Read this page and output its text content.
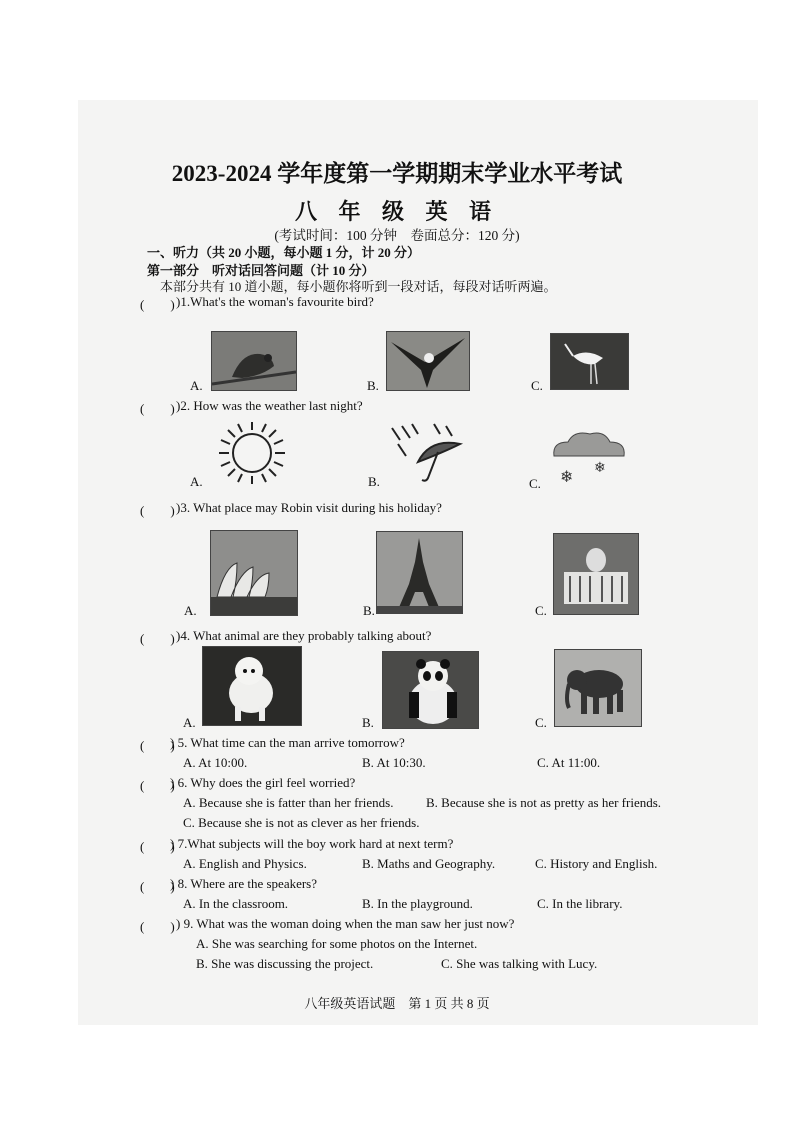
2023-2024 学年度第一学期期末学业水平考试
八 年 级 英 语
(考试时间：100 分钟　卷面总分：120 分)
一、听力（共 20 小题，每小题 1 分，计 20 分）
第一部分　听对话回答问题（计 10 分）
本部分共有 10 道小题，每小题你将听到一段对话，每段对话听两遍。
(　　) )1.What's the woman's favourite bird?
A.	B.	C.
(　　) )2. How was the weather last night?
A.	B.	❄ ❄
C.
(　　) )3. What place may Robin visit during his holiday?
A.	B.	C.
(　　) )4. What animal are they probably talking about?
A.	B.	C.
(　　)
) 5. What time can the man arrive tomorrow?
A. At 10:00.	B. At 10:30.	C. At 11:00.
(　　)
) 6. Why does the girl feel worried?
A. Because she is fatter than her friends.	B. Because she is not as pretty as her friends.
C. Because she is not as clever as her friends.
(　　)
) 7.What subjects will the boy work hard at next term?
A. English and Physics.	B. Maths and Geography.	C. History and English.
(　　)
) 8. Where are the speakers?
A. In the classroom.	B. In the playground.	C. In the library.
(　　) ) 9. What was the woman doing when the man saw her just now?
A. She was searching for some photos on the Internet.
B. She was discussing the project.	C. She was talking with Lucy.
八年级英语试题　第 1 页 共 8 页
